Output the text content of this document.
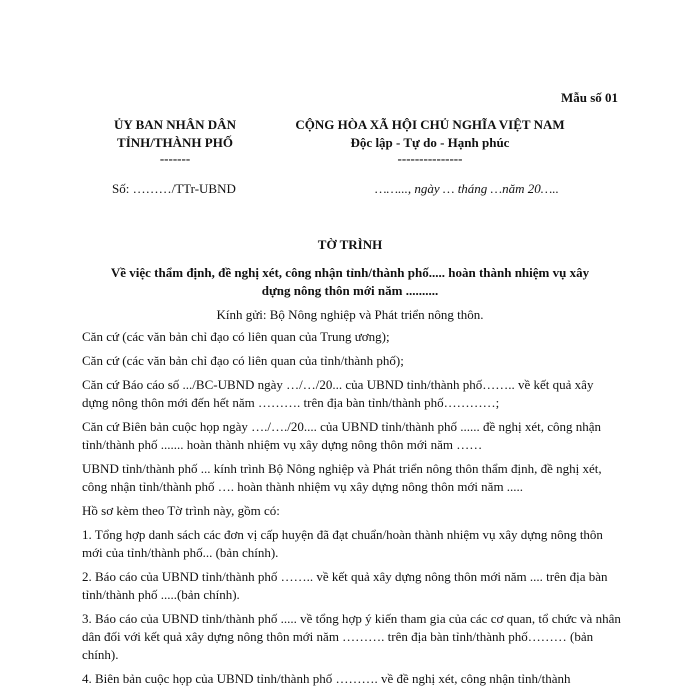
Mẫu số 01
ỦY BAN NHÂN DÂN
TỈNH/THÀNH PHỐ
-------
CỘNG HÒA XÃ HỘI CHỦ NGHĨA VIỆT NAM
Độc lập - Tự do - Hạnh phúc
---------------
Số: ………/TTr-UBND	……..., ngày … tháng …năm 20…..
TỜ TRÌNH
Về việc thẩm định, đề nghị xét, công nhận tỉnh/thành phố..... hoàn thành nhiệm vụ xây dựng nông thôn mới năm ..........
Kính gửi: Bộ Nông nghiệp và Phát triển nông thôn.

Căn cứ (các văn bản chỉ đạo có liên quan của Trung ương);

Căn cứ (các văn bản chỉ đạo có liên quan của tỉnh/thành phố);

Căn cứ Báo cáo số .../BC-UBND ngày …/…/20... của UBND tỉnh/thành phố…….. về kết quả xây dựng nông thôn mới đến hết năm ………. trên địa bàn tỉnh/thành phố…………;

Căn cứ Biên bản cuộc họp ngày …./…./20.... của UBND tỉnh/thành phố ...... đề nghị xét, công nhận tỉnh/thành phố ....... hoàn thành nhiệm vụ xây dựng nông thôn mới năm ……

UBND tỉnh/thành phố ... kính trình Bộ Nông nghiệp và Phát triển nông thôn thẩm định, đề nghị xét, công nhận tỉnh/thành phố …. hoàn thành nhiệm vụ xây dựng nông thôn mới năm .....

Hồ sơ kèm theo Tờ trình này, gồm có:

1. Tổng hợp danh sách các đơn vị cấp huyện đã đạt chuẩn/hoàn thành nhiệm vụ xây dựng nông thôn mới của tỉnh/thành phố... (bản chính).

2. Báo cáo của UBND tỉnh/thành phố …….. về kết quả xây dựng nông thôn mới năm .... trên địa bàn tỉnh/thành phố .....(bản chính).

3. Báo cáo của UBND tỉnh/thành phố ..... về tổng hợp ý kiến tham gia của các cơ quan, tổ chức và nhân dân đối với kết quả xây dựng nông thôn mới năm ………. trên địa bàn tỉnh/thành phố……… (bản chính).

4. Biên bản cuộc họp của UBND tỉnh/thành phố ………. về đề nghị xét, công nhận tỉnh/thành
